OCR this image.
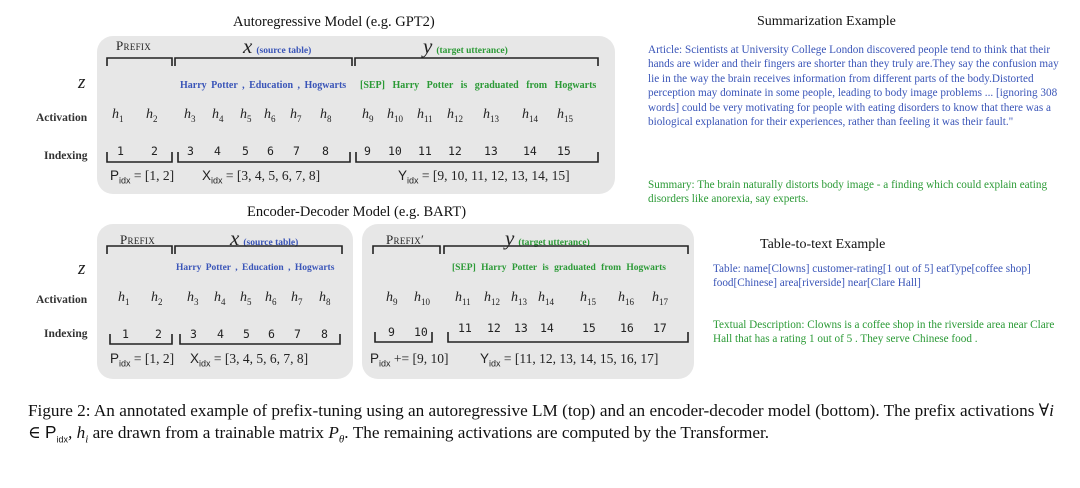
Autoregressive Model (e.g. GPT2)
z
Prefix	x (source table)	y (target utterance)
Harry Potter , Education , Hogwarts [SEP] Harry Potter is graduated from Hogwarts
Activation
Indexing
$h_1$ $h_2$ $h_3$ $h_4$ $h_5$ $h_6$ $h_7$ $h_8$ $h_9$ $h_{10}$ $h_{11}$ $h_{12}$ $h_{13}$ $h_{14}$ $h_{15}$
1 2	3 4 5 6 7 8	9 10 11 12 13 14 15
$P_{idx} = [1$, 2] $X_{idx} = [3$, 4, 5, 6, 7, 8]	$Y_{idx} = [9$, 10, 11, 12, 13, 14, 15]
Encoder-Decoder Model (e.g. BART)
z
Prefix	Prefix′
x (source table)	y (target utterance)
Harry Potter , Education , Hogwarts	[SEP] Harry Potter is graduated from Hogwarts
Activation
Indexing
$h_1$ $h_2$ $h_3$ $h_4$ $h_5$ $h_6$ $h_7$ $h_8$	$h_9$ $h_{10}$ $h_{11}$ $h_{12}$ $h_{13}$ $h_{14}$ $h_{15}$ $h_{16}$ $h_{17}$
1 2 3 4 5 6 7 8	9 10	11 12 13 14 15 16 17
$P_{idx} = [1$, 2] $X_{idx} = [3$, 4, 5, 6, 7, 8]	$P_{idx} += [9$, 10] $Y_{idx} = [11$, 12, 13, 14, 15, 16, 17]
Summarization Example
Article: Scientists at University College London discovered people tend to think that their hands are wider and their fingers are shorter than they truly are.They say the confusion may lie in the way the brain receives information from different parts of the body.Distorted perception may dominate in some people, leading to body image problems ... [ignoring 308 words] could be very motivating for people with eating disorders to know that there was a biological explanation for their experiences, rather than feeling it was their fault."
Summary: The brain naturally distorts body image - a finding which could explain eating disorders like anorexia, say experts.
Table-to-text Example
Table: name[Clowns] customer-rating[1 out of 5] eatType[coffee shop] food[Chinese] area[riverside] near[Clare Hall]
Textual Description: Clowns is a coffee shop in the riverside area near Clare Hall that has a rating 1 out of 5 . They serve Chinese food .
Figure 2: An annotated example of prefix-tuning using an autoregressive LM (top) and an encoder-decoder model (bottom). The prefix activations ∀i ∈ $P_{idx}$, $h_i$ are drawn from a trainable matrix $P_\theta$. The remaining activations are computed by the Transformer.
